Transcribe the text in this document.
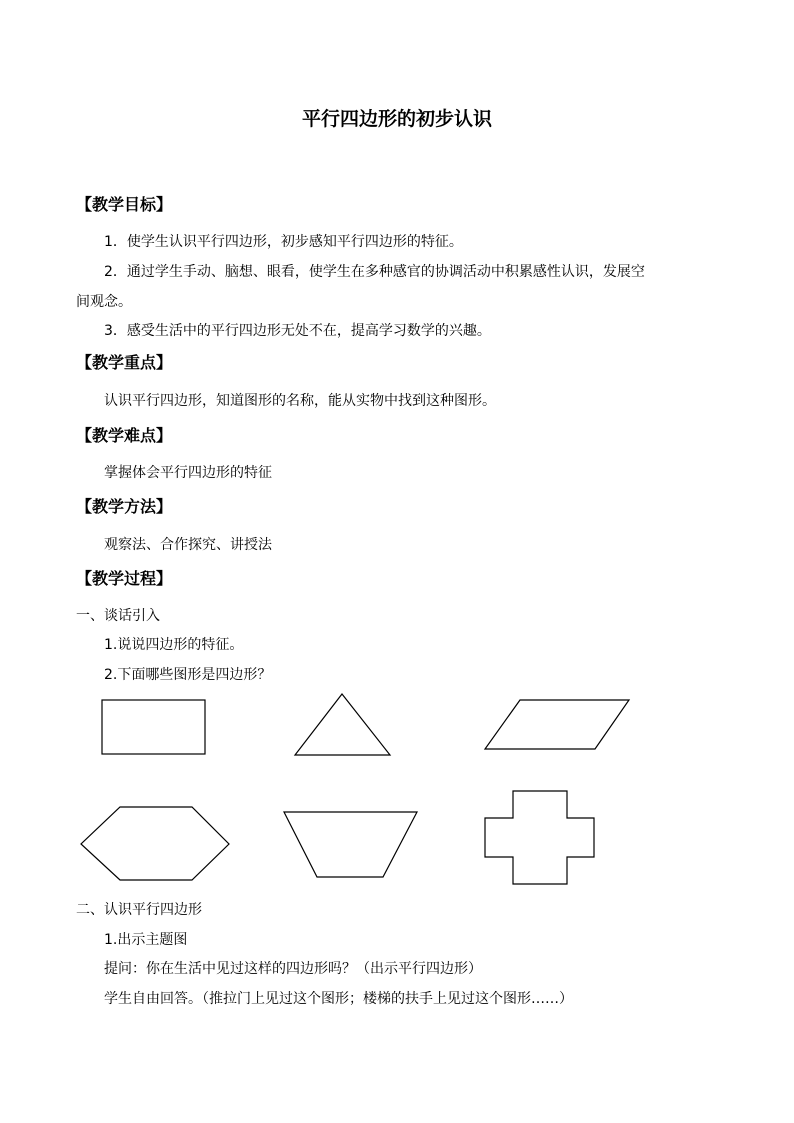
平行四边形的初步认识
【教学目标】
1．使学生认识平行四边形，初步感知平行四边形的特征。
2．通过学生手动、脑想、眼看，使学生在多种感官的协调活动中积累感性认识，发展空
间观念。
3．感受生活中的平行四边形无处不在，提高学习数学的兴趣。
【教学重点】
认识平行四边形，知道图形的名称，能从实物中找到这种图形。
【教学难点】
掌握体会平行四边形的特征
【教学方法】
观察法、合作探究、讲授法
【教学过程】
一、谈话引入
1.说说四边形的特征。
2.下面哪些图形是四边形？
二、认识平行四边形
1.出示主题图
提问：你在生活中见过这样的四边形吗？（出示平行四边形）
学生自由回答。（推拉门上见过这个图形；楼梯的扶手上见过这个图形……）
